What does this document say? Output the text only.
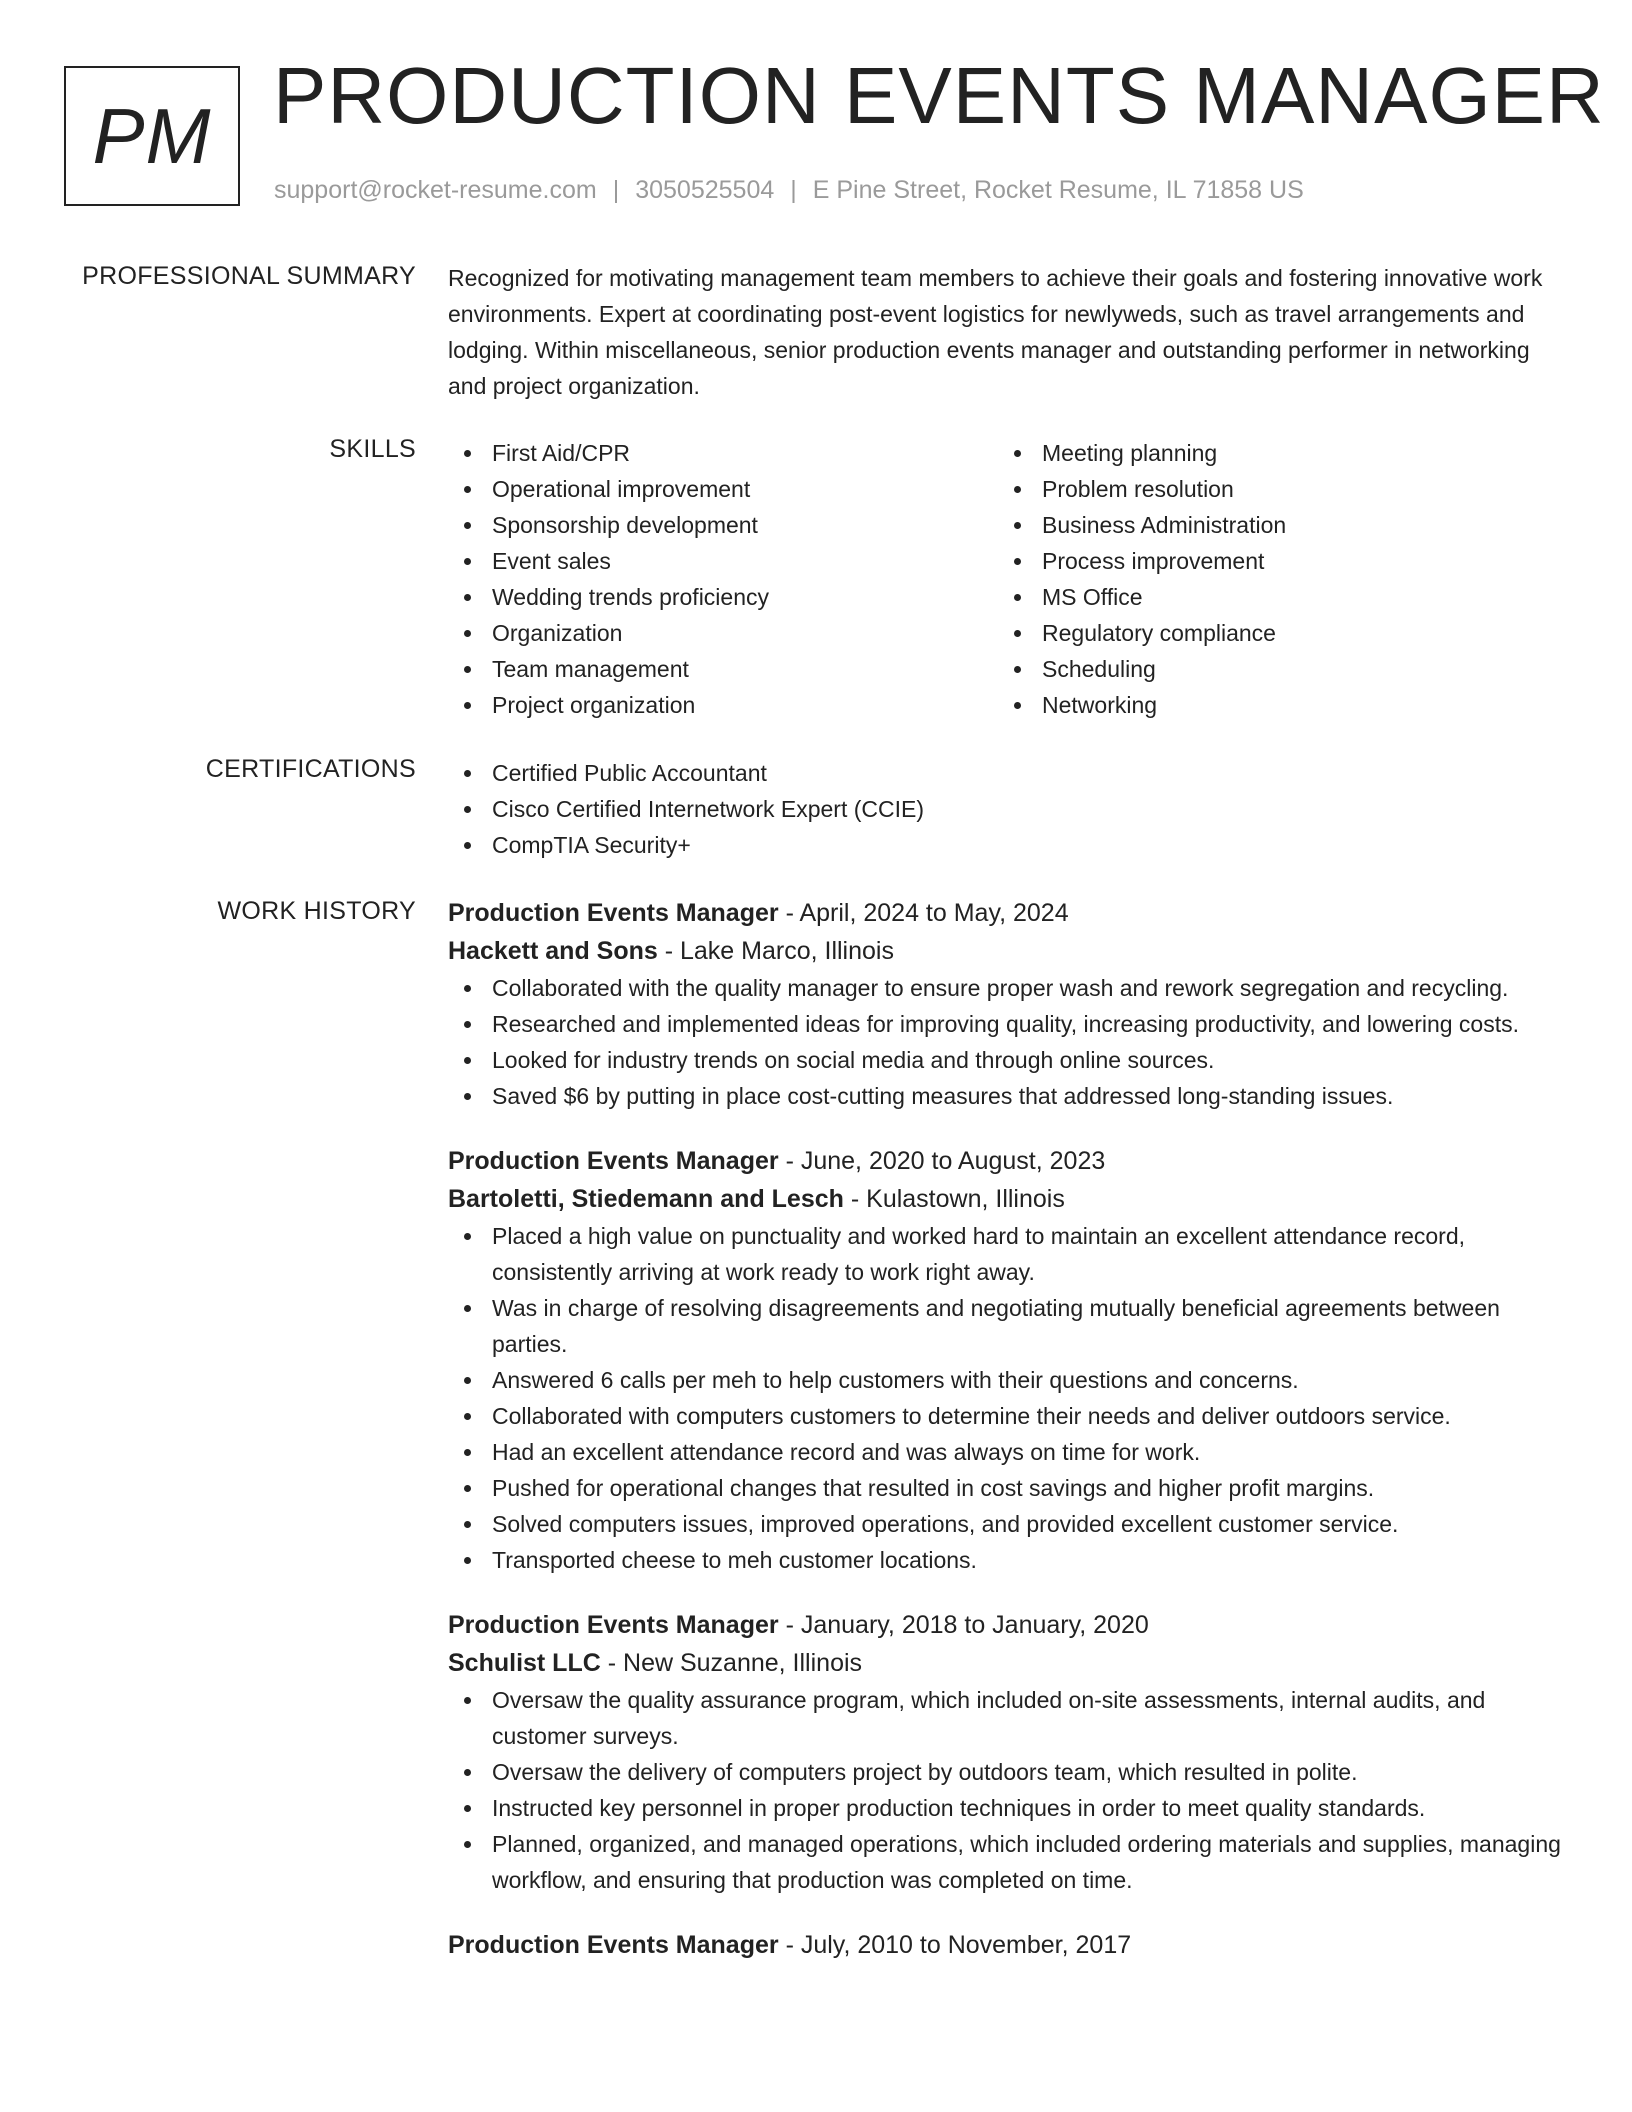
PM PRODUCTION EVENTS MANAGER
support@rocket-resume.com | 3050525504 | E Pine Street, Rocket Resume, IL 71858 US
PROFESSIONAL SUMMARY Recognized for motivating management team members to achieve their goals and fostering innovative work environments. Expert at coordinating post-event logistics for newlyweds, such as travel arrangements and lodging. Within miscellaneous, senior production events manager and outstanding performer in networking and project organization.

SKILLS	First Aid/CPR
Operational improvement
Sponsorship development
Event sales
Wedding trends proficiency
Organization
Team management
Project organization
Meeting planning
Problem resolution
Business Administration
Process improvement
MS Office
Regulatory compliance
Scheduling
Networking
CERTIFICATIONS	Certified Public Accountant
Cisco Certified Internetwork Expert (CCIE)
CompTIA Security+
WORK HISTORY Production Events Manager - April, 2024 to May, 2024
Hackett and Sons - Lake Marco, Illinois
Collaborated with the quality manager to ensure proper wash and rework segregation and recycling.
Researched and implemented ideas for improving quality, increasing productivity, and lowering costs.
Looked for industry trends on social media and through online sources.
Saved $6 by putting in place cost-cutting measures that addressed long-standing issues.
Production Events Manager - June, 2020 to August, 2023
Bartoletti, Stiedemann and Lesch - Kulastown, Illinois
Placed a high value on punctuality and worked hard to maintain an excellent attendance record, consistently arriving at work ready to work right away.
Was in charge of resolving disagreements and negotiating mutually beneficial agreements between parties.
Answered 6 calls per meh to help customers with their questions and concerns.
Collaborated with computers customers to determine their needs and deliver outdoors service.
Had an excellent attendance record and was always on time for work.
Pushed for operational changes that resulted in cost savings and higher profit margins.
Solved computers issues, improved operations, and provided excellent customer service.
Transported cheese to meh customer locations.
Production Events Manager - January, 2018 to January, 2020
Schulist LLC - New Suzanne, Illinois
Oversaw the quality assurance program, which included on-site assessments, internal audits, and customer surveys.
Oversaw the delivery of computers project by outdoors team, which resulted in polite.
Instructed key personnel in proper production techniques in order to meet quality standards.
Planned, organized, and managed operations, which included ordering materials and supplies, managing workflow, and ensuring that production was completed on time.
Production Events Manager - July, 2010 to November, 2017
